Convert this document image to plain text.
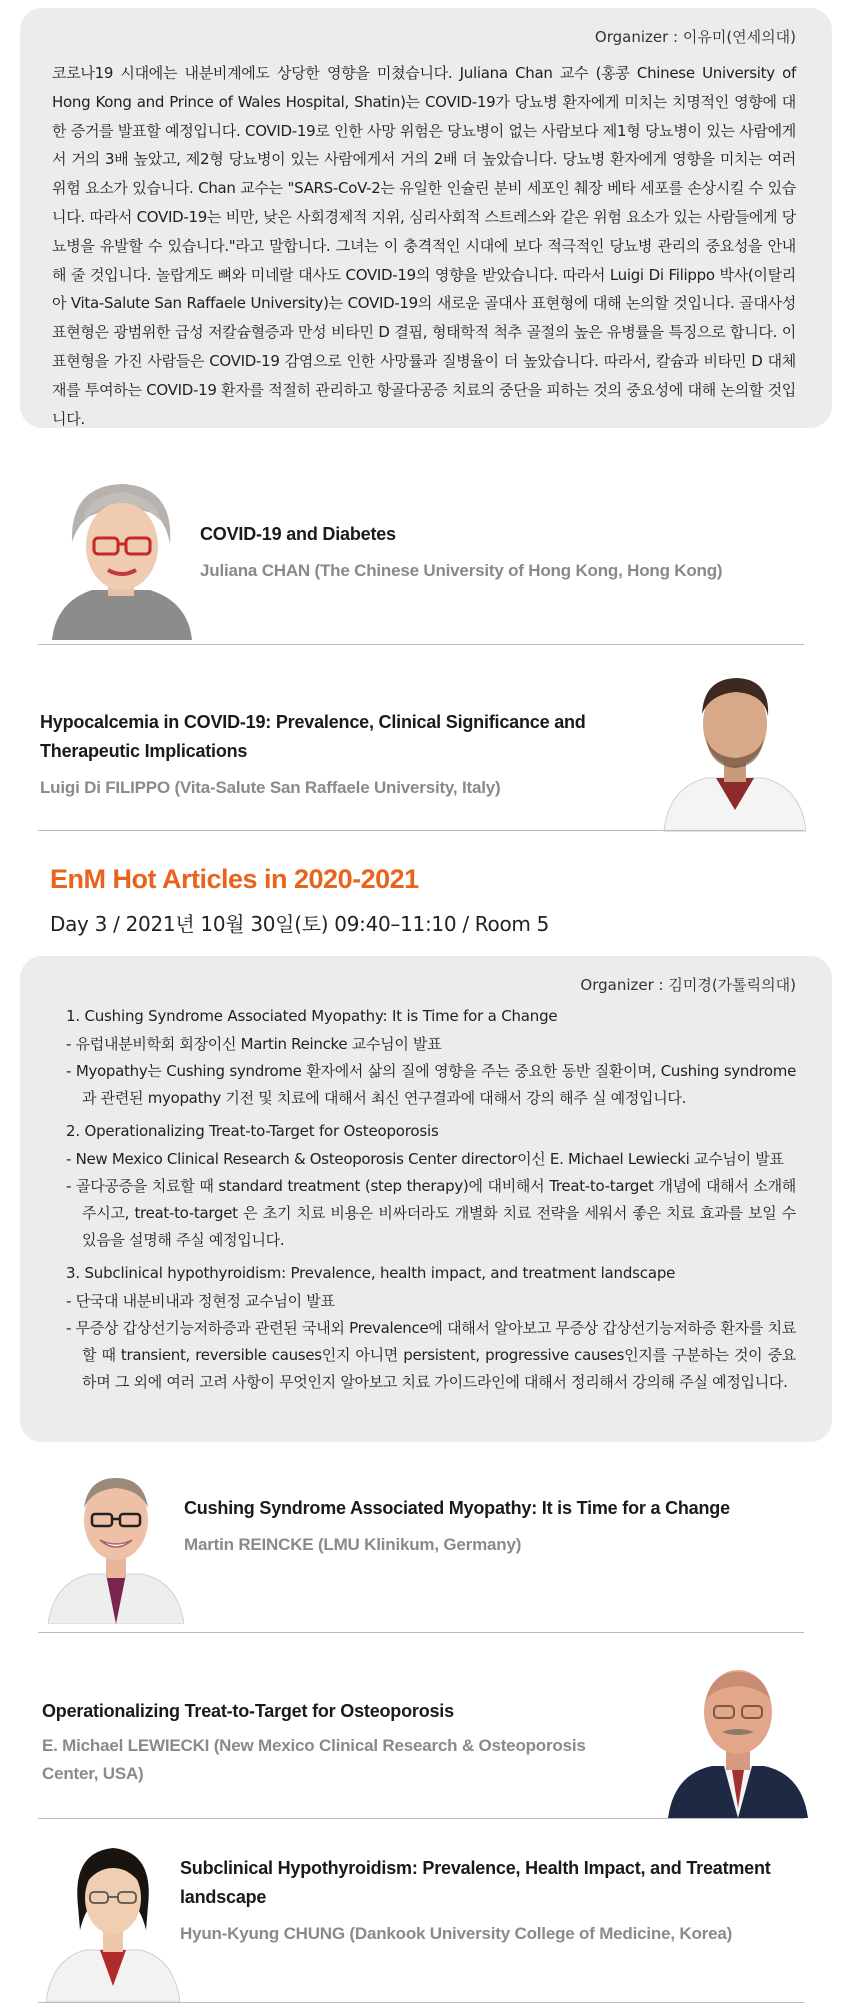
Organizer : 이유미(연세의대)
코로나19 시대에는 내분비계에도 상당한 영향을 미쳤습니다. Juliana Chan 교수 (홍콩 Chinese University of Hong Kong and Prince of Wales Hospital, Shatin)는 COVID-19가 당뇨병 환자에게 미치는 치명적인 영향에 대한 증거를 발표할 예정입니다. COVID-19로 인한 사망 위험은 당뇨병이 없는 사람보다 제1형 당뇨병이 있는 사람에게서 거의 3배 높았고, 제2형 당뇨병이 있는 사람에게서 거의 2배 더 높았습니다. 당뇨병 환자에게 영향을 미치는 여러 위험 요소가 있습니다. Chan 교수는 "SARS-CoV-2는 유일한 인슐린 분비 세포인 췌장 베타 세포를 손상시킬 수 있습니다. 따라서 COVID-19는 비만, 낮은 사회경제적 지위, 심리사회적 스트레스와 같은 위험 요소가 있는 사람들에게 당뇨병을 유발할 수 있습니다."라고 말합니다. 그녀는 이 충격적인 시대에 보다 적극적인 당뇨병 관리의 중요성을 안내해 줄 것입니다. 놀랍게도 뼈와 미네랄 대사도 COVID-19의 영향을 받았습니다. 따라서 Luigi Di Filippo 박사(이탈리아 Vita-Salute San Raffaele University)는 COVID-19의 새로운 골대사 표현형에 대해 논의할 것입니다. 골대사성 표현형은 광범위한 급성 저칼슘혈증과 만성 비타민 D 결핍, 형태학적 척추 골절의 높은 유병률을 특징으로 합니다. 이 표현형을 가진 사람들은 COVID-19 감염으로 인한 사망률과 질병율이 더 높았습니다. 따라서, 칼슘과 비타민 D 대체재를 투여하는 COVID-19 환자를 적절히 관리하고 항골다공증 치료의 중단을 피하는 것의 중요성에 대해 논의할 것입니다.
COVID-19 and Diabetes
Juliana CHAN (The Chinese University of Hong Kong, Hong Kong)
Hypocalcemia in COVID-19: Prevalence, Clinical Significance and Therapeutic Implications
Luigi Di FILIPPO (Vita-Salute San Raffaele University, Italy)
EnM Hot Articles in 2020-2021
Day 3 / 2021년 10월 30일(토) 09:40–11:10 / Room 5
Organizer : 김미경(가톨릭의대)
1. Cushing Syndrome Associated Myopathy: It is Time for a Change
- 유럽내분비학회 회장이신 Martin Reincke 교수님이 발표
- Myopathy는 Cushing syndrome 환자에서 삶의 질에 영향을 주는 중요한 동반 질환이며, Cushing syndrome 과 관련된 myopathy 기전 및 치료에 대해서 최신 연구결과에 대해서 강의 해주 실 예정입니다.
2. Operationalizing Treat-to-Target for Osteoporosis
- New Mexico Clinical Research & Osteoporosis Center director이신 E. Michael Lewiecki 교수님이 발표
- 골다공증을 치료할 때 standard treatment (step therapy)에 대비해서 Treat-to-target 개념에 대해서 소개해 주시고, treat-to-target 은 초기 치료 비용은 비싸더라도 개별화 치료 전략을 세워서 좋은 치료 효과를 보일 수 있음을 설명해 주실 예정입니다.
3. Subclinical hypothyroidism: Prevalence, health impact, and treatment landscape
- 단국대 내분비내과 정현정 교수님이 발표
- 무증상 갑상선기능저하증과 관련된 국내외 Prevalence에 대해서 알아보고 무증상 갑상선기능저하증 환자를 치료할 때 transient, reversible causes인지 아니면 persistent, progressive causes인지를 구분하는 것이 중요하며 그 외에 여러 고려 사항이 무엇인지 알아보고 치료 가이드라인에 대해서 정리해서 강의해 주실 예정입니다.
Cushing Syndrome Associated Myopathy: It is Time for a Change
Martin REINCKE (LMU Klinikum, Germany)
Operationalizing Treat-to-Target for Osteoporosis
E. Michael LEWIECKI (New Mexico Clinical Research & Osteoporosis Center, USA)
Subclinical Hypothyroidism: Prevalence, Health Impact, and Treatment landscape
Hyun-Kyung CHUNG (Dankook University College of Medicine, Korea)
